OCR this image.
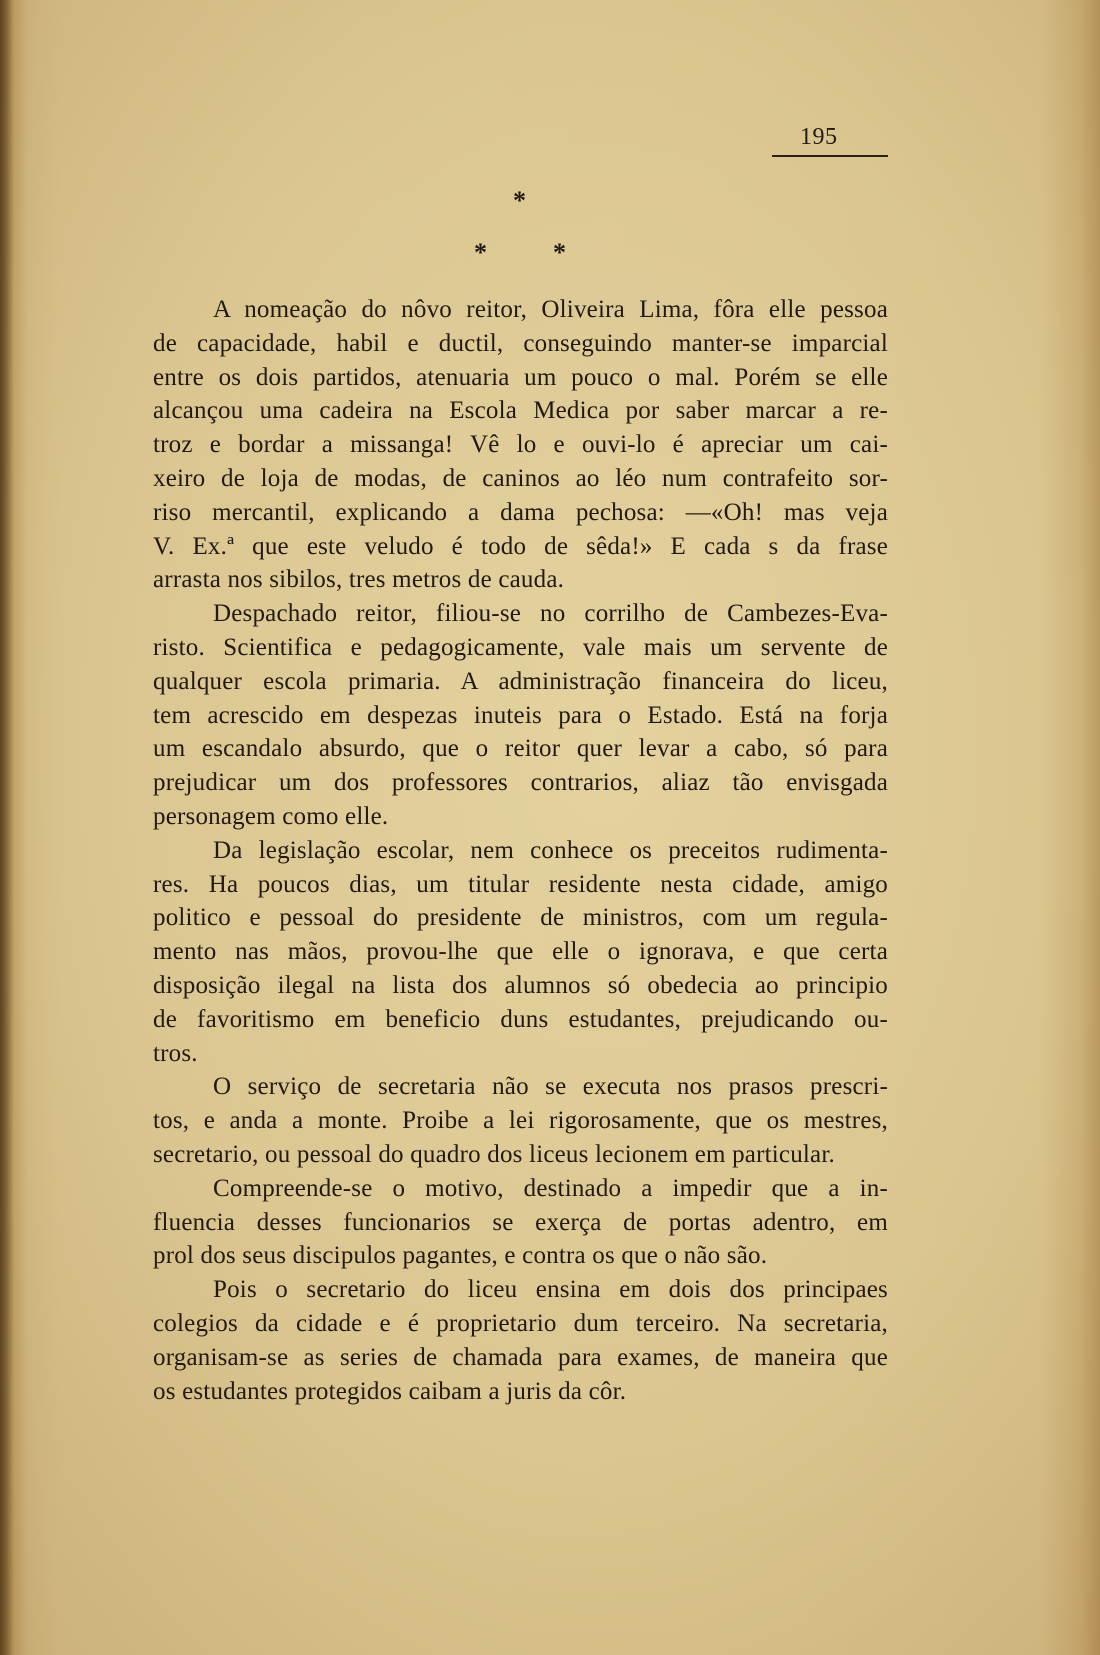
195
*
*	*
A nomeação do nôvo reitor, Oliveira Lima, fôra elle pessoa
de capacidade, habil e ductil, conseguindo manter-se imparcial
entre os dois partidos, atenuaria um pouco o mal. Porém se elle
alcançou uma cadeira na Escola Medica por saber marcar a re-
troz e bordar a missanga! Vê lo e ouvi-lo é apreciar um cai-
xeiro de loja de modas, de caninos ao léo num contrafeito sor-
riso mercantil, explicando a dama pechosa: —«Oh! mas veja
V. Ex.ª que este veludo é todo de sêda!» E cada s da frase
arrasta nos sibilos, tres metros de cauda.
Despachado reitor, filiou-se no corrilho de Cambezes-Eva-
risto. Scientifica e pedagogicamente, vale mais um servente de
qualquer escola primaria. A administração financeira do liceu,
tem acrescido em despezas inuteis para o Estado. Está na forja
um escandalo absurdo, que o reitor quer levar a cabo, só para
prejudicar um dos professores contrarios, aliaz tão envisgada
personagem como elle.
Da legislação escolar, nem conhece os preceitos rudimenta-
res. Ha poucos dias, um titular residente nesta cidade, amigo
politico e pessoal do presidente de ministros, com um regula-
mento nas mãos, provou-lhe que elle o ignorava, e que certa
disposição ilegal na lista dos alumnos só obedecia ao principio
de favoritismo em beneficio duns estudantes, prejudicando ou-
tros.
O serviço de secretaria não se executa nos prasos prescri-
tos, e anda a monte. Proibe a lei rigorosamente, que os mestres,
secretario, ou pessoal do quadro dos liceus lecionem em particular.
Compreende-se o motivo, destinado a impedir que a in-
fluencia desses funcionarios se exerça de portas adentro, em
prol dos seus discipulos pagantes, e contra os que o não são.
Pois o secretario do liceu ensina em dois dos principaes
colegios da cidade e é proprietario dum terceiro. Na secretaria,
organisam-se as series de chamada para exames, de maneira que
os estudantes protegidos caibam a juris da côr.
